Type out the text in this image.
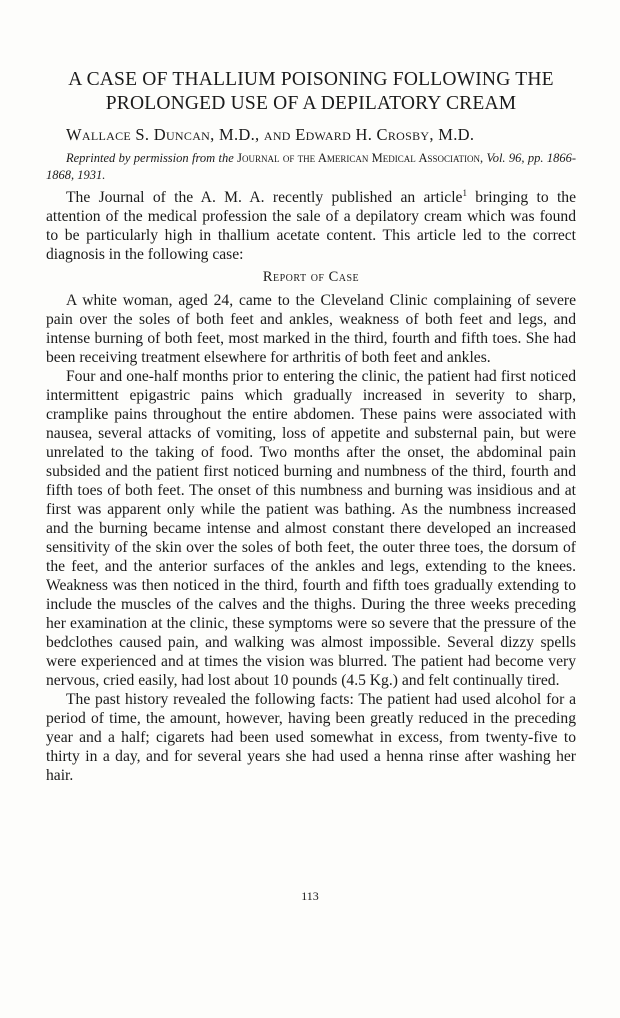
A CASE OF THALLIUM POISONING FOLLOWING THE
PROLONGED USE OF A DEPILATORY CREAM
Wallace S. Duncan, M.D., and Edward H. Crosby, M.D.
Reprinted by permission from the Journal of the American Medical Association, Vol. 96, pp. 1866-1868, 1931.

The Journal of the A. M. A. recently published an article$^1$ bringing to the attention of the medical profession the sale of a depilatory cream which was found to be particularly high in thallium acetate content. This article led to the correct diagnosis in the following case:

Report of Case

A white woman, aged 24, came to the Cleveland Clinic complaining of severe pain over the soles of both feet and ankles, weakness of both feet and legs, and intense burning of both feet, most marked in the third, fourth and fifth toes. She had been receiving treatment elsewhere for arthritis of both feet and ankles.

Four and one-half months prior to entering the clinic, the patient had first noticed intermittent epigastric pains which gradually increased in severity to sharp, cramplike pains throughout the entire abdomen. These pains were associated with nausea, several attacks of vomiting, loss of appetite and substernal pain, but were unrelated to the taking of food. Two months after the onset, the abdominal pain subsided and the patient first noticed burning and numbness of the third, fourth and fifth toes of both feet. The onset of this numbness and burning was insidious and at first was apparent only while the patient was bathing. As the numbness increased and the burning became intense and almost constant there developed an increased sensitivity of the skin over the soles of both feet, the outer three toes, the dorsum of the feet, and the anterior surfaces of the ankles and legs, extending to the knees. Weakness was then noticed in the third, fourth and fifth toes gradually extending to include the muscles of the calves and the thighs. During the three weeks preceding her examination at the clinic, these symptoms were so severe that the pressure of the bedclothes caused pain, and walking was almost impossible. Several dizzy spells were experienced and at times the vision was blurred. The patient had become very nervous, cried easily, had lost about 10 pounds (4.5 Kg.) and felt continually tired.

The past history revealed the following facts: The patient had used alcohol for a period of time, the amount, however, having been greatly reduced in the preceding year and a half; cigarets had been used somewhat in excess, from twenty-five to thirty in a day, and for several years she had used a henna rinse after washing her hair.

113
